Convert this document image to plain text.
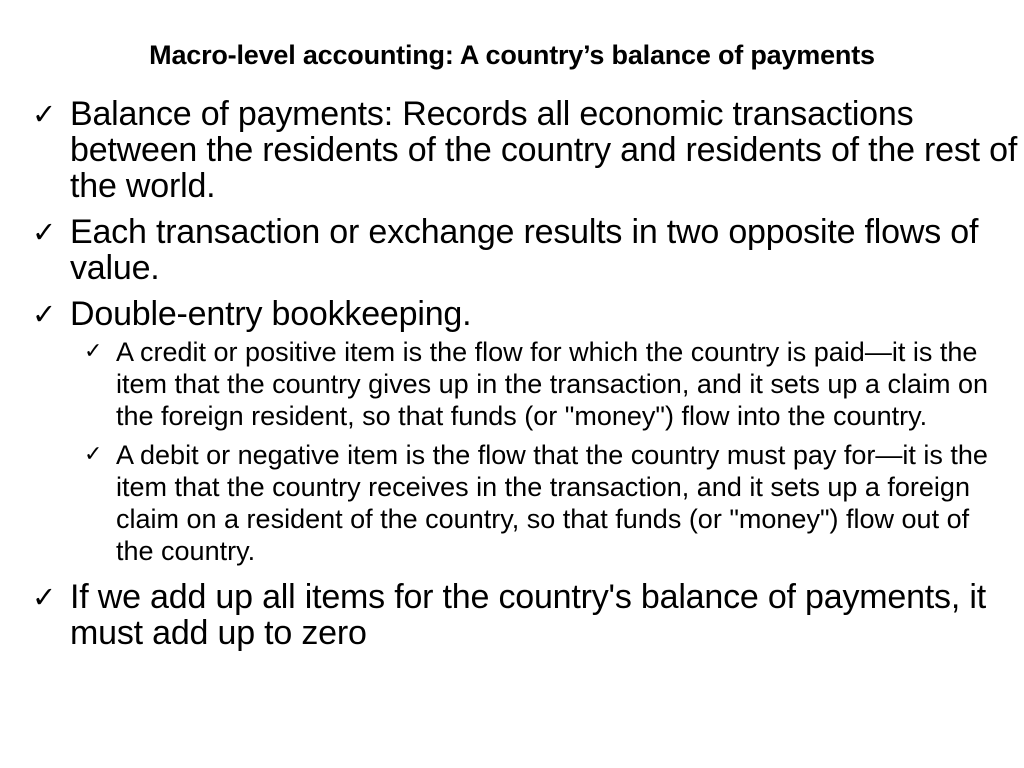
Macro-level accounting: A country’s balance of payments
✓ Balance of payments: Records all economic transactions between the residents of the country and residents of the rest of the world.
✓ Each transaction or exchange results in two opposite flows of value.
✓ Double-entry bookkeeping.
✓ A credit or positive item is the flow for which the country is paid—it is the item that the country gives up in the transaction, and it sets up a claim on the foreign resident, so that funds (or "money") flow into the country.
✓ A debit or negative item is the flow that the country must pay for—it is the item that the country receives in the transaction, and it sets up a foreign claim on a resident of the country, so that funds (or "money") flow out of the country.
✓ If we add up all items for the country's balance of payments, it must add up to zero
